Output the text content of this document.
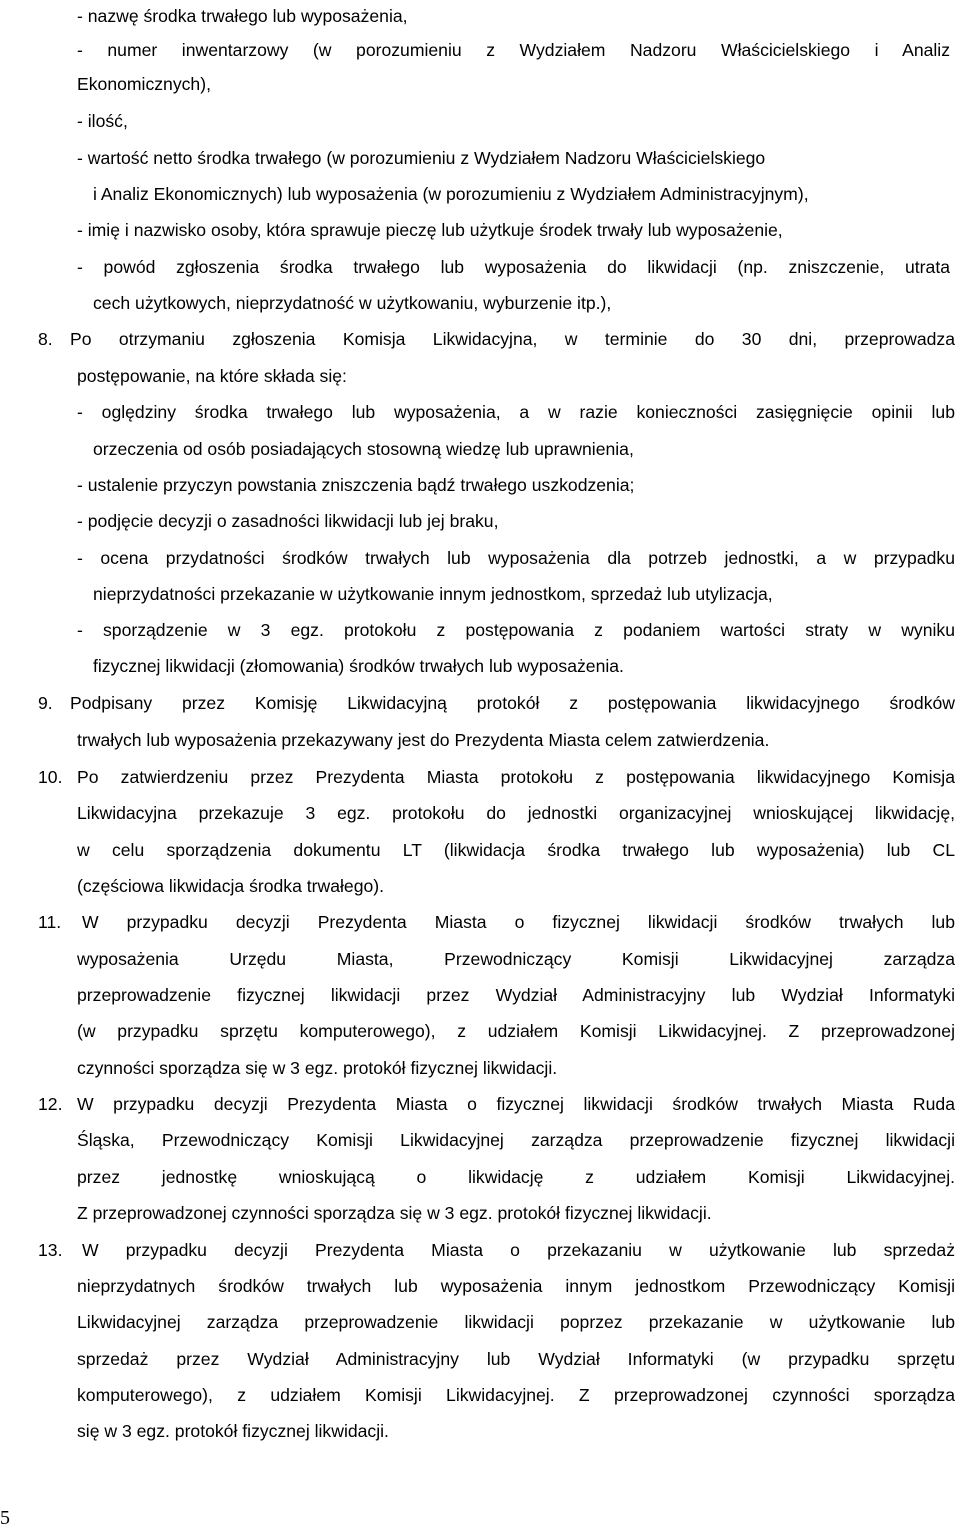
- nazwę środka trwałego lub wyposażenia,
- numer inwentarzowy (w porozumieniu z Wydziałem Nadzoru Właścicielskiego i Analiz
Ekonomicznych),
- ilość,
- wartość netto środka trwałego (w porozumieniu z Wydziałem Nadzoru Właścicielskiego
i Analiz Ekonomicznych) lub wyposażenia (w porozumieniu z Wydziałem Administracyjnym),
- imię i nazwisko osoby, która sprawuje pieczę lub użytkuje środek trwały lub wyposażenie,
- powód zgłoszenia środka trwałego lub wyposażenia do likwidacji (np. zniszczenie, utrata
cech użytkowych, nieprzydatność w użytkowaniu, wyburzenie itp.),
8. Po otrzymaniu zgłoszenia Komisja Likwidacyjna, w terminie do 30 dni, przeprowadza
postępowanie, na które składa się:
- oględziny środka trwałego lub wyposażenia, a w razie konieczności zasięgnięcie opinii lub
orzeczenia od osób posiadających stosowną wiedzę lub uprawnienia,
- ustalenie przyczyn powstania zniszczenia bądź trwałego uszkodzenia;
- podjęcie decyzji o zasadności likwidacji lub jej braku,
- ocena przydatności środków trwałych lub wyposażenia dla potrzeb jednostki, a w przypadku
nieprzydatności przekazanie w użytkowanie innym jednostkom, sprzedaż lub utylizacja,
- sporządzenie w 3 egz. protokołu z postępowania z podaniem wartości straty w wyniku
fizycznej likwidacji (złomowania) środków trwałych lub wyposażenia.
9. Podpisany przez Komisję Likwidacyjną protokół z postępowania likwidacyjnego środków
trwałych lub wyposażenia przekazywany jest do Prezydenta Miasta celem zatwierdzenia.
10. Po zatwierdzeniu przez Prezydenta Miasta protokołu z postępowania likwidacyjnego Komisja
Likwidacyjna przekazuje 3 egz. protokołu do jednostki organizacyjnej wnioskującej likwidację,
w celu sporządzenia dokumentu LT (likwidacja środka trwałego lub wyposażenia) lub CL
(częściowa likwidacja środka trwałego).
11. W przypadku decyzji Prezydenta Miasta o fizycznej likwidacji środków trwałych lub
wyposażenia Urzędu Miasta, Przewodniczący Komisji Likwidacyjnej zarządza
przeprowadzenie fizycznej likwidacji przez Wydział Administracyjny lub Wydział Informatyki
(w przypadku sprzętu komputerowego), z udziałem Komisji Likwidacyjnej. Z przeprowadzonej
czynności sporządza się w 3 egz. protokół fizycznej likwidacji.
12. W przypadku decyzji Prezydenta Miasta o fizycznej likwidacji środków trwałych Miasta Ruda
Śląska, Przewodniczący Komisji Likwidacyjnej zarządza przeprowadzenie fizycznej likwidacji
przez jednostkę wnioskującą o likwidację z udziałem Komisji Likwidacyjnej.
Z przeprowadzonej czynności sporządza się w 3 egz. protokół fizycznej likwidacji.
13. W przypadku decyzji Prezydenta Miasta o przekazaniu w użytkowanie lub sprzedaż
nieprzydatnych środków trwałych lub wyposażenia innym jednostkom Przewodniczący Komisji
Likwidacyjnej zarządza przeprowadzenie likwidacji poprzez przekazanie w użytkowanie lub
sprzedaż przez Wydział Administracyjny lub Wydział Informatyki (w przypadku sprzętu
komputerowego), z udziałem Komisji Likwidacyjnej. Z przeprowadzonej czynności sporządza
się w 3 egz. protokół fizycznej likwidacji.
5
